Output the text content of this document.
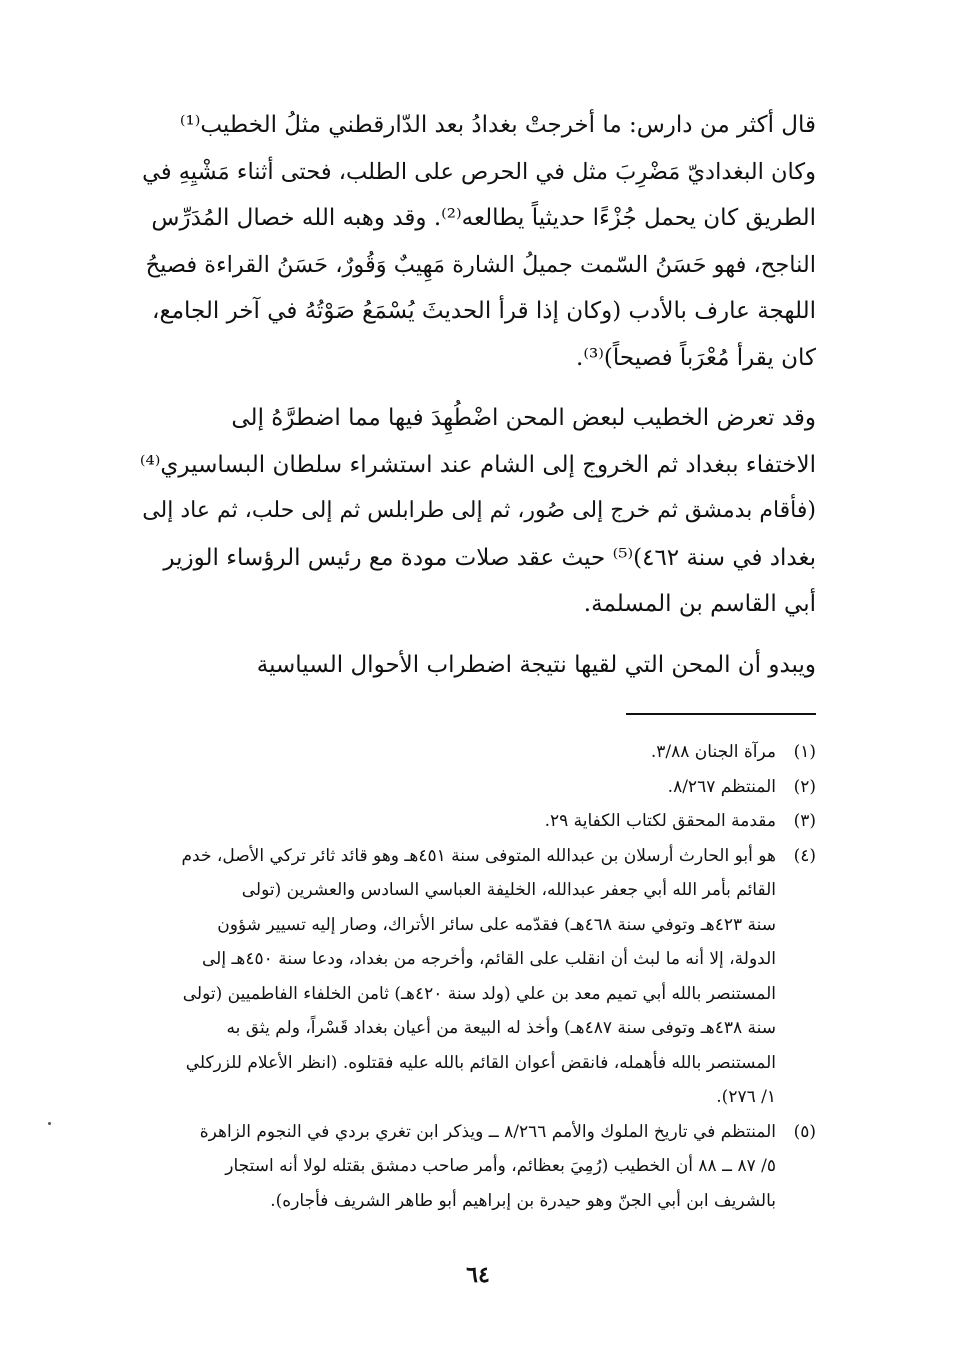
قال أكثر من دارس: ما أخرجتْ بغدادُ بعد الدّارقطني مثلُ الخطيب⁽¹⁾
وكان البغداديّ مَضْرِبَ مثل في الحرص على الطلب، فحتى أثناء مَشْيِهِ في
الطريق كان يحمل جُزْءًا حديثياً يطالعه⁽²⁾. وقد وهبه الله خصال المُدَرِّس
الناجح، فهو حَسَنُ السّمت جميلُ الشارة مَهِيبٌ وَقُورٌ، حَسَنُ القراءة فصيحُ
اللهجة عارف بالأدب (وكان إذا قرأ الحديثَ يُسْمَعُ صَوْتُهُ في آخر الجامع،
كان يقرأ مُعْرَباً فصيحاً)⁽³⁾.

وقد تعرض الخطيب لبعض المحن اضْطُهِدَ فيها مما اضطرَّهُ إلى
الاختفاء ببغداد ثم الخروج إلى الشام عند استشراء سلطان البساسيري⁽⁴⁾
(فأقام بدمشق ثم خرج إلى صُور، ثم إلى طرابلس ثم إلى حلب، ثم عاد إلى
بغداد في سنة ٤٦٢)⁽⁵⁾ حيث عقد صلات مودة مع رئيس الرؤساء الوزير
أبي القاسم بن المسلمة.

ويبدو أن المحن التي لقيها نتيجة اضطراب الأحوال السياسية

(١)
مرآة الجنان ٣/٨٨.
(٢)
المنتظم ٨/٢٦٧.
(٣)
مقدمة المحقق لكتاب الكفاية ٢٩.
(٤)
هو أبو الحارث أرسلان بن عبدالله المتوفى سنة ٤٥١هـ وهو قائد ثائر تركي الأصل، خدم
القائم بأمر الله أبي جعفر عبدالله، الخليفة العباسي السادس والعشرين (تولى
سنة ٤٢٣هـ وتوفي سنة ٤٦٨هـ) فقدّمه على سائر الأتراك، وصار إليه تسيير شؤون
الدولة، إلا أنه ما لبث أن انقلب على القائم، وأخرجه من بغداد، ودعا سنة ٤٥٠هـ إلى
المستنصر بالله أبي تميم معد بن علي (ولد سنة ٤٢٠هـ) ثامن الخلفاء الفاطميين (تولى
سنة ٤٣٨هـ وتوفى سنة ٤٨٧هـ) وأخذ له البيعة من أعيان بغداد قَسْراً، ولم يثق به
المستنصر بالله فأهمله، فانقض أعوان القائم بالله عليه فقتلوه. (انظر الأعلام للزركلي
١/ ٢٧٦).
(٥)
المنتظم في تاريخ الملوك والأمم ٨/٢٦٦ ــ ويذكر ابن تغري بردي في النجوم الزاهرة
٥/ ٨٧ ــ ٨٨ أن الخطيب (رُمِيَ بعظائم، وأمر صاحب دمشق بقتله لولا أنه استجار
بالشريف ابن أبي الجنّ وهو حيدرة بن إبراهيم أبو طاهر الشريف فأجاره).
٦٤
